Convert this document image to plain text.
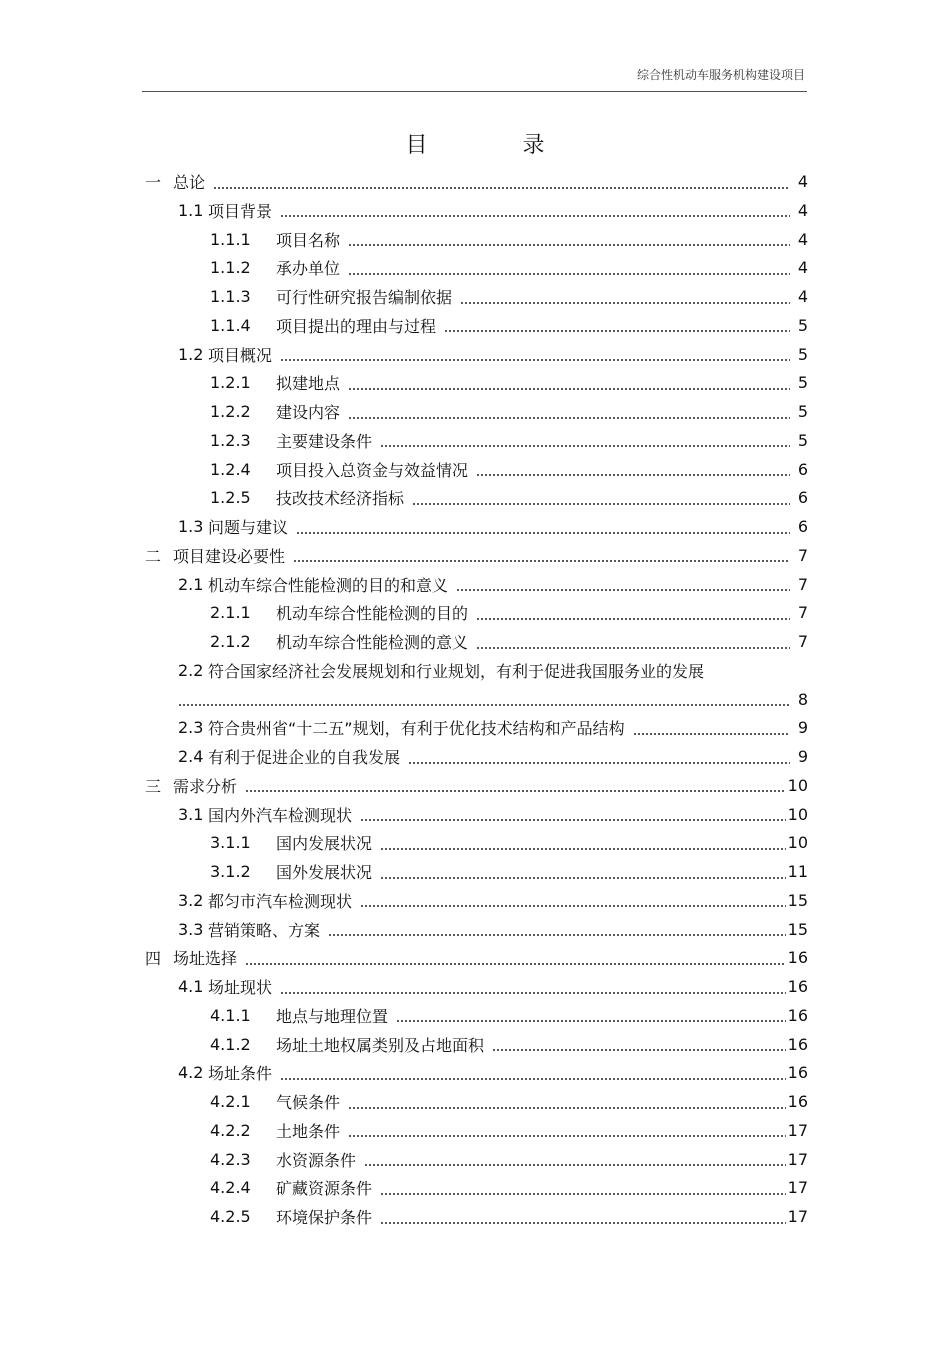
综合性机动车服务机构建设项目
目 录
一 总论	4
1.1 项目背景	4
1.1.1	项目名称	4
1.1.2	承办单位	4
1.1.3	可行性研究报告编制依据	4
1.1.4	项目提出的理由与过程	5
1.2 项目概况	5
1.2.1	拟建地点	5
1.2.2	建设内容	5
1.2.3	主要建设条件	5
1.2.4	项目投入总资金与效益情况	6
1.2.5	技改技术经济指标	6
1.3 问题与建议	6
二 项目建设必要性	7
2.1 机动车综合性能检测的目的和意义	7
2.1.1	机动车综合性能检测的目的	7
2.1.2	机动车综合性能检测的意义	7
2.2 符合国家经济社会发展规划和行业规划，有利于促进我国服务业的发展
8
2.3 符合贵州省“十二五”规划，有利于优化技术结构和产品结构	9
2.4 有利于促进企业的自我发展	9
三 需求分析	10
3.1 国内外汽车检测现状	10
3.1.1	国内发展状况	10
3.1.2	国外发展状况	11
3.2 都匀市汽车检测现状	15
3.3 营销策略、方案	15
四 场址选择	16
4.1 场址现状	16
4.1.1	地点与地理位置	16
4.1.2	场址土地权属类别及占地面积	16
4.2 场址条件	16
4.2.1	气候条件	16
4.2.2	土地条件	17
4.2.3	水资源条件	17
4.2.4	矿藏资源条件	17
4.2.5	环境保护条件	17
